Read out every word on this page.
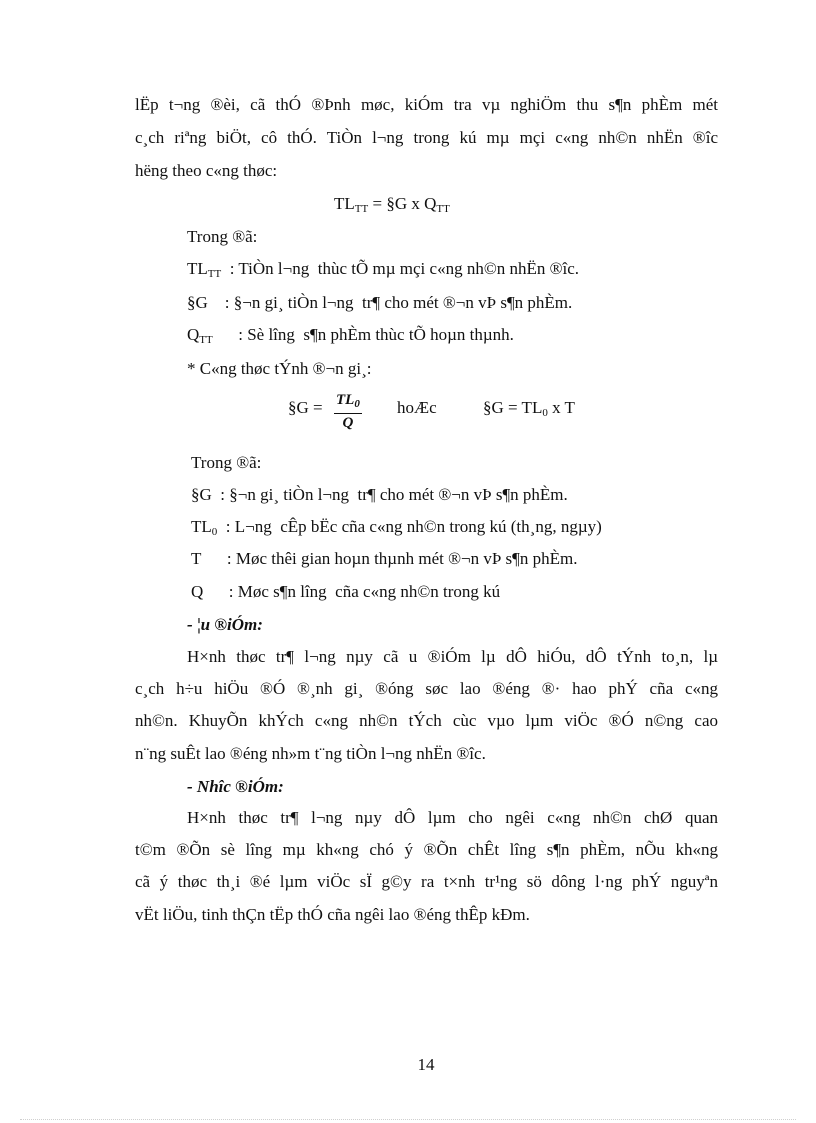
lËp t¬ng ®èi, cã thÓ ®Þnh møc, kiÓm tra vµ nghiÖm thu s¶n phÈm mét
c¸ch riªng biÖt, cô thÓ. TiÒn l¬ng trong kú mµ mçi c«ng nh©n nhËn ®îc
hëng theo c«ng thøc:
$TL_{TT}$ = §G x $Q_{TT}$
Trong ®ã:
$TL_{TT}$  : TiÒn l¬ng  thùc tÕ mµ mçi c«ng nh©n nhËn ®îc.
§G    : §¬n gi¸ tiÒn l¬ng  tr¶ cho mét ®¬n vÞ s¶n phÈm.
$Q_{TT}$      : Sè lîng  s¶n phÈm thùc tÕ hoµn thµnh.
* C«ng thøc tÝnh ®¬n gi¸:
§G = $\frac{TL_0}{Q}$ hoÆc	§G = $TL_0$ x T
Trong ®ã:
§G  : §¬n gi¸ tiÒn l¬ng  tr¶ cho mét ®¬n vÞ s¶n phÈm.
$TL_0$  : L¬ng  cÊp bËc cña c«ng nh©n trong kú (th¸ng, ngµy)
T      : Møc thêi gian hoµn thµnh mét ®¬n vÞ s¶n phÈm.
Q      : Møc s¶n lîng  cña c«ng nh©n trong kú
- ¦u ®iÓm:
H×nh thøc tr¶ l¬ng nµy cã u ®iÓm lµ dÔ hiÓu, dÔ tÝnh to¸n, lµ
c¸ch h÷u hiÖu ®Ó ®¸nh gi¸ ®óng søc lao ®éng ®· hao phÝ cña c«ng
nh©n. KhuyÕn khÝch c«ng nh©n tÝch cùc vµo lµm viÖc ®Ó n©ng cao
n¨ng suÊt lao ®éng nh»m t¨ng tiÒn l¬ng nhËn ®îc.
- Nhîc ®iÓm:
H×nh thøc tr¶ l¬ng nµy dÔ lµm cho ngêi c«ng nh©n chØ quan
t©m ®Õn sè lîng mµ kh«ng chó ý ®Õn chÊt lîng s¶n phÈm, nÕu kh«ng
cã ý thøc th¸i ®é lµm viÖc sÏ g©y ra t×nh tr¹ng sö dông l·ng phÝ nguyªn
vËt liÖu, tinh thÇn tËp thÓ cña ngêi lao ®éng thÊp kÐm.
14
